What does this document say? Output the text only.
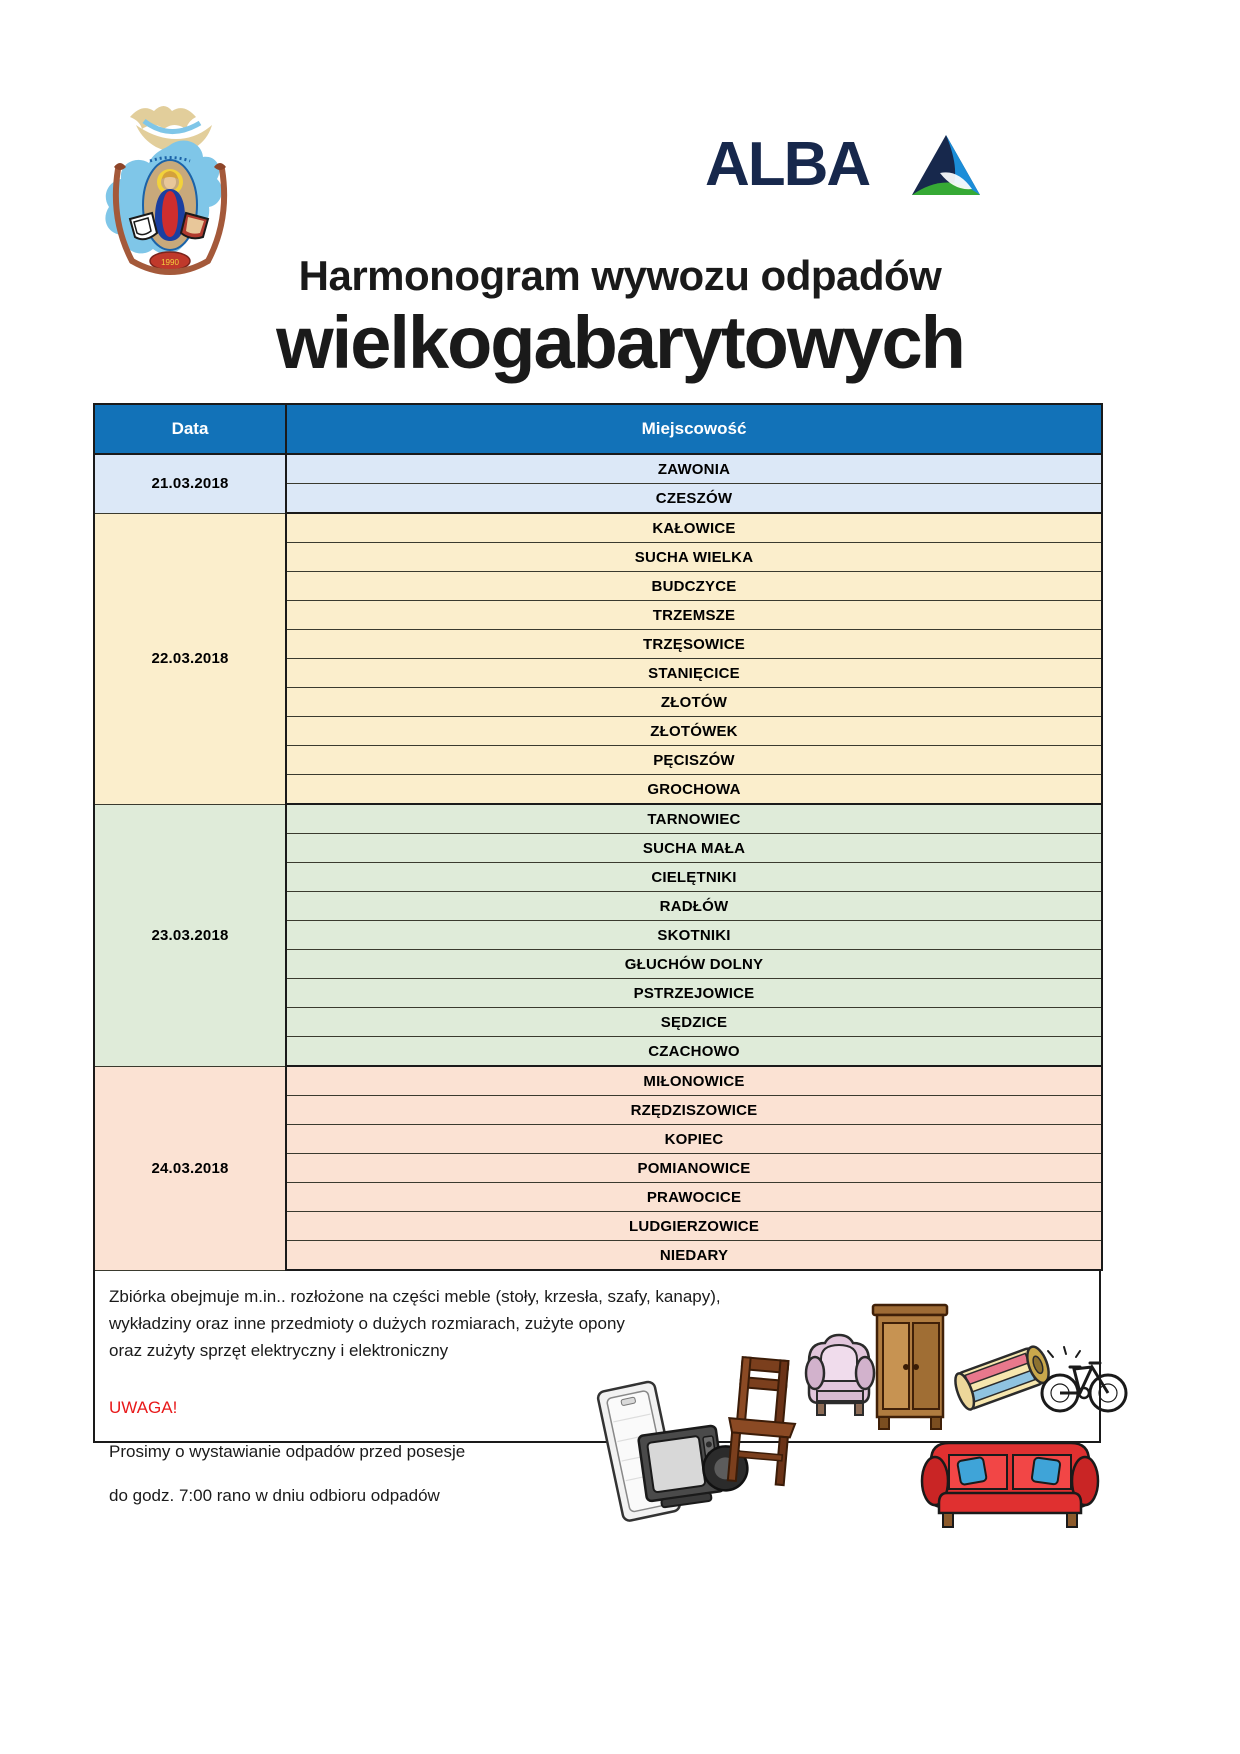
1990
ALBA
Harmonogram wywozu odpadów
wielkogabarytowych
Data	Miejscowość
21.03.2018	ZAWONIA
	CZESZÓW
22.03.2018	KAŁOWICE
	SUCHA WIELKA
	BUDCZYCE
	TRZEMSZE
	TRZĘSOWICE
	STANIĘCICE
	ZŁOTÓW
	ZŁOTÓWEK
	PĘCISZÓW
	GROCHOWA
23.03.2018	TARNOWIEC
	SUCHA MAŁA
	CIELĘTNIKI
	RADŁÓW
	SKOTNIKI
	GŁUCHÓW DOLNY
	PSTRZEJOWICE
	SĘDZICE
	CZACHOWO
24.03.2018	MIŁONOWICE
	RZĘDZISZOWICE
	KOPIEC
	POMIANOWICE
	PRAWOCICE
	LUDGIERZOWICE
	NIEDARY

Zbiórka obejmuje m.in.. rozłożone na części meble (stoły, krzesła, szafy, kanapy),

wykładziny oraz inne przedmioty o dużych rozmiarach, zużyte opony

oraz zużyty sprzęt elektryczny i elektroniczny

UWAGA!

Prosimy o wystawianie odpadów przed posesje

do godz. 7:00 rano w dniu odbioru odpadów
